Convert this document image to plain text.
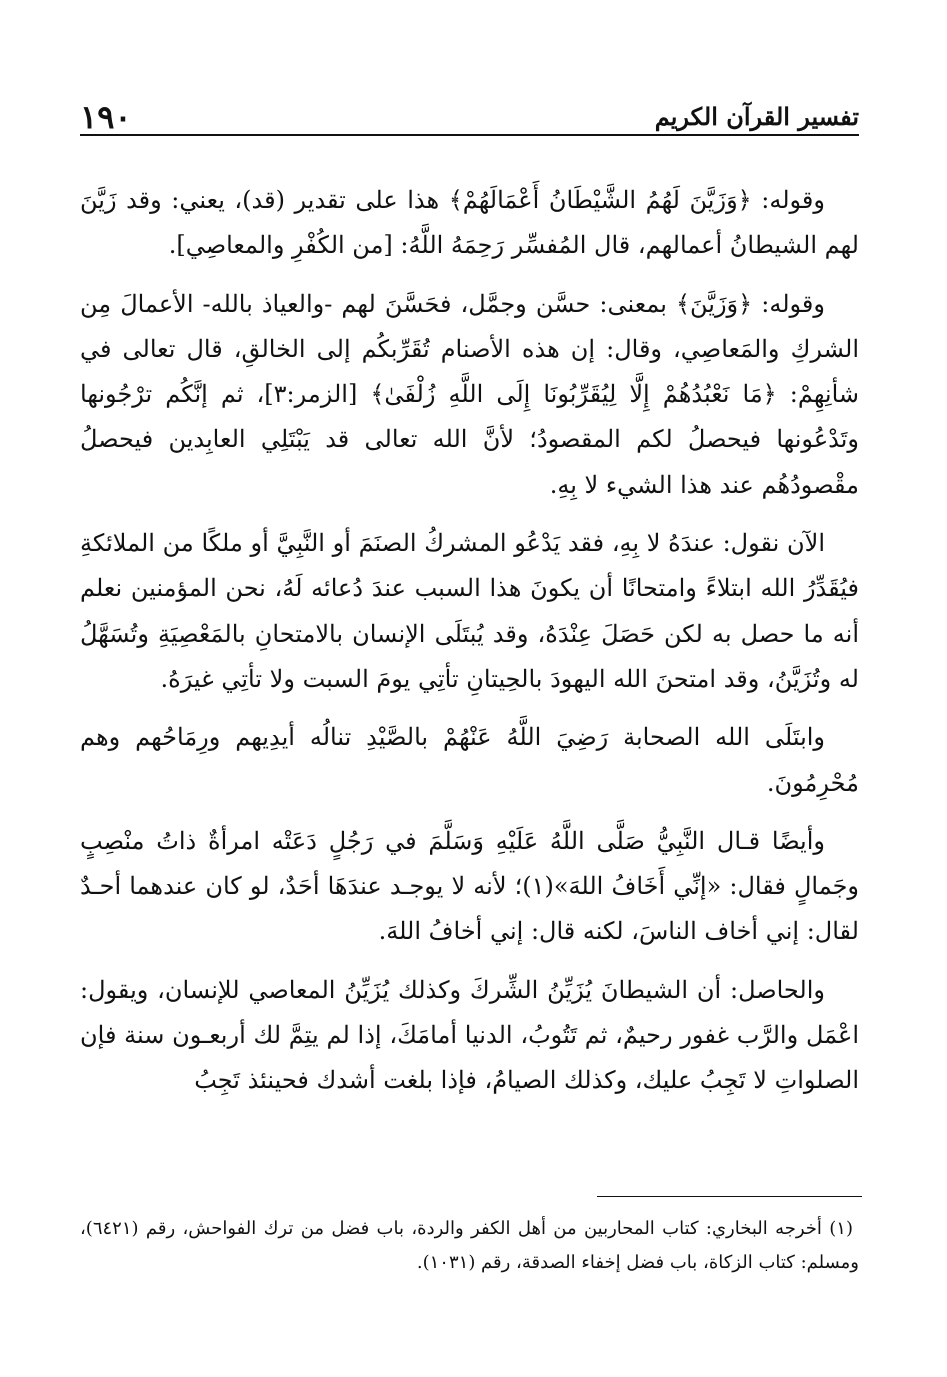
١٩٠	تفسير القرآن الكريم

وقوله: ﴿وَزَيَّنَ لَهُمُ الشَّيْطَانُ أَعْمَالَهُمْ﴾ هذا على تقدير (قد)، يعني: وقد زَيَّنَ لهم الشيطانُ أعمالهم، قال المُفسِّر رَحِمَهُ اللَّهُ: [من الكُفْرِ والمعاصِي].

وقوله: ﴿وَزَيَّنَ﴾ بمعنى: حسَّن وجمَّل، فحَسَّنَ لهم -والعياذ بالله- الأعمالَ مِن الشركِ والمَعاصِي، وقال: إن هذه الأصنام تُقَرِّبكُم إلى الخالقِ، قال تعالى في شأنِهِمْ: ﴿مَا نَعْبُدُهُمْ إِلَّا لِيُقَرِّبُونَا إِلَى اللَّهِ زُلْفَىٰ﴾ [الزمر:٣]، ثم إنَّكُم ترْجُونها وتَدْعُونها فيحصلُ لكم المقصودُ؛ لأنَّ الله تعالى قد يَبْتَلِي العابِدين فيحصلُ مقْصودُهُم عند هذا الشيء لا بِهِ.

الآن نقول: عندَهُ لا بِهِ، فقد يَدْعُو المشركُ الصنَمَ أو النَّبِيَّ أو ملكًا من الملائكةِ فيُقَدِّرُ الله ابتلاءً وامتحانًا أن يكونَ هذا السبب عندَ دُعائه لَهُ، نحن المؤمنين نعلم أنه ما حصل به لكن حَصَلَ عِنْدَهُ، وقد يُبتَلَى الإنسان بالامتحانِ بالمَعْصِيَةِ وتُسَهَّلُ له وتُزَيَّنُ، وقد امتحنَ الله اليهودَ بالحِيتانِ تأتِي يومَ السبت ولا تأتِي غيرَهُ.

وابتَلَى الله الصحابة رَضِيَ اللَّهُ عَنْهُمْ بالصَّيْدِ تنالُه أيدِيهم ورِمَاحُهم وهم مُحْرِمُونَ.

وأيضًا قـال النَّبِيُّ صَلَّى اللَّهُ عَلَيْهِ وَسَلَّمَ في رَجُلٍ دَعَتْه امرأةٌ ذاتُ منْصِبٍ وجَمالٍ فقال: «إنِّي أَخَافُ اللهَ»(١)؛ لأنه لا يوجـد عندَهَا أحَدٌ، لو كان عندهما أحـدٌ لقال: إني أخاف الناسَ، لكنه قال: إني أخافُ اللهَ.

والحاصل: أن الشيطانَ يُزَيِّنُ الشِّركَ وكذلك يُزَيِّنُ المعاصي للإنسان، ويقول: اعْمَل والرَّب غفور رحيمٌ، ثم تَتُوبُ، الدنيا أمامَكَ، إذا لم يتِمَّ لك أربعـون سنة فإن الصلواتِ لا تَجِبُ عليك، وكذلك الصيامُ، فإذا بلغت أشدك فحينئذ تَجِبُ

(١) أخرجه البخاري: كتاب المحاربين من أهل الكفر والردة، باب فضل من ترك الفواحش، رقم (٦٤٢١)، ومسلم: كتاب الزكاة، باب فضل إخفاء الصدقة، رقم (١٠٣١).
